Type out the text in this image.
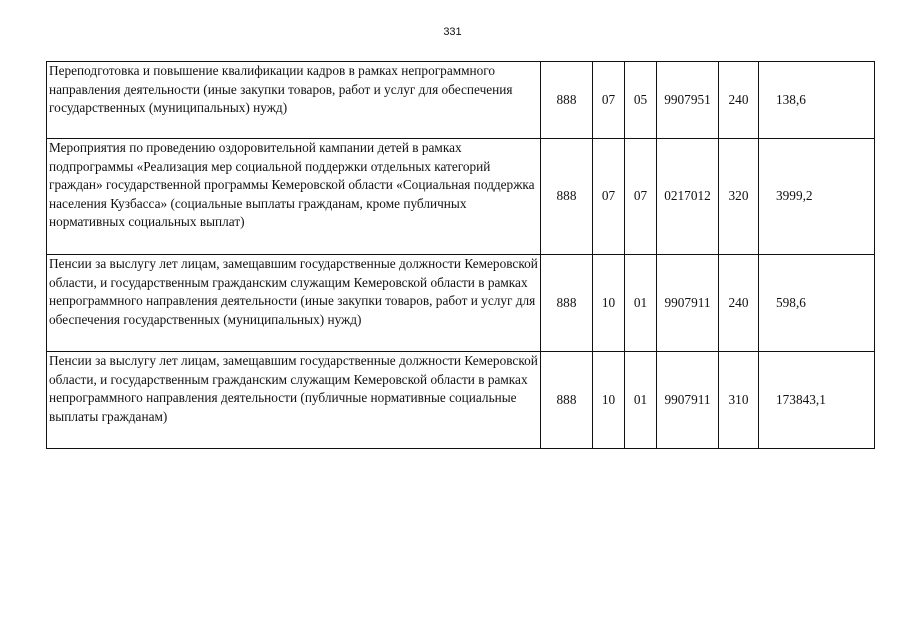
331
Переподготовка и повышение квалификации кадров в рамках непрограммного направления деятельности (иные закупки товаров, работ и услуг для обеспечения государственных (муниципальных) нужд)	888	07	05	9907951	240	138,6
Мероприятия по проведению оздоровительной кампании детей в рамках подпрограммы «Реализация мер социальной поддержки отдельных категорий граждан» государственной программы Кемеровской области «Социальная поддержка населения Кузбасса» (социальные выплаты гражданам, кроме публичных нормативных социальных выплат)	888	07	07	0217012	320	3999,2
Пенсии за выслугу лет лицам, замещавшим государственные должности Кемеровской области, и государственным гражданским служащим Кемеровской области в рамках непрограммного направления деятельности (иные закупки товаров, работ и услуг для обеспечения государственных (муниципальных) нужд)	888	10	01	9907911	240	598,6
Пенсии за выслугу лет лицам, замещавшим государственные должности Кемеровской области, и государственным гражданским служащим Кемеровской области в рамках непрограммного направления деятельности (публичные нормативные социальные выплаты гражданам)	888	10	01	9907911	310	173843,1
